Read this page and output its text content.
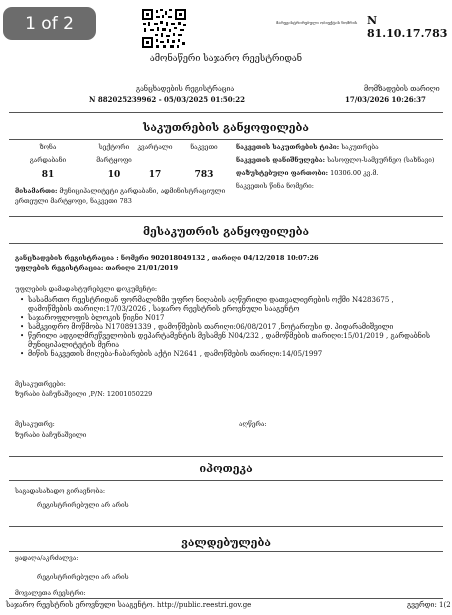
1 of 2	მარეგისტრირებული ობიექტის ნომრის N 81.10.17.783
ამონაწერი საჯარო რეესტრიდან
განცხადების რეგისტრაცია
N 882025239962 - 05/03/2025 01:50:22
მომზადების თარიღი
17/03/2026 10:26:37
საკუთრების განყოფილება
ზონა	სექტორი	კვარტალი	ნაკვეთი
გარდაბანი	მარტყოფი
81	10	17	783
მისამართი: მუნიციპალიტეტი გარდაბანი, ადმინისტრაციული ერთეული მარტყოფი, ნაკვეთი 783
ნაკვეთის საკუთრების ტიპი: საკუთრება
ნაკვეთის დანიშნულება: სასოფლო-სამეურნეო (სახნავი)
დაზუსტებული ფართობი: 10306.00 კვ.მ.
ნაკვეთის წინა ნომერი:
მესაკუთრის განყოფილება
განცხადების რეგისტრაცია : ნომერი 902018049132 , თარიღი 04/12/2018 10:07:26
უფლების რეგისტრაცია: თარიღი 21/01/2019
უფლების დამადასტურებელი დოკუმენტი:
• სასამართო რეესტრიდან ფორმალიზმი უფრო ნიღაბის აღწერილი დათვალიერების ოქმი N4283675 , დამოწმების თარიღი:17/03/2026 , საჯარო რეესტრის ეროვნული სააგენტო
• საჯაროფლოფის ბლოკის წიგნი N017
• სამკვიდრო მოწმობა N170891339 , დამოწმების თარიღი:06/08/2017 ,ნოტარიუსი დ. პიდარამიშვილი
• წერილი ადგილმრეწველობის დეპარტამენტის მესამენ N04/232 , დამოწმების თარიღი:15/01/2019 , გარდაბნის მუნიციპალიტეტის მერია
• მიწის ნაკვეთის მიღება-ჩაბარების აქტი N2641 , დამოწმების თარიღი:14/05/1997
მესაკუთრეები:
ზურაბი ბაჩუნაშვილი ,P/N: 12001050229
მესაკუთრე:	აღწერა:
ზურაბი ბაჩუნაშვილი
იპოთეკა
საგადასახადო გირავნობა:
რეგისტრირებული არ არის
ვალდებულება
ყადაღა/აკრძალვა:
რეგისტრირებული არ არის
მოვალეთა რეესტრი:
საჯარო რეესტრის ეროვნული სააგენტო. http://public.reestri.gov.ge	გვერდი: 1(2
